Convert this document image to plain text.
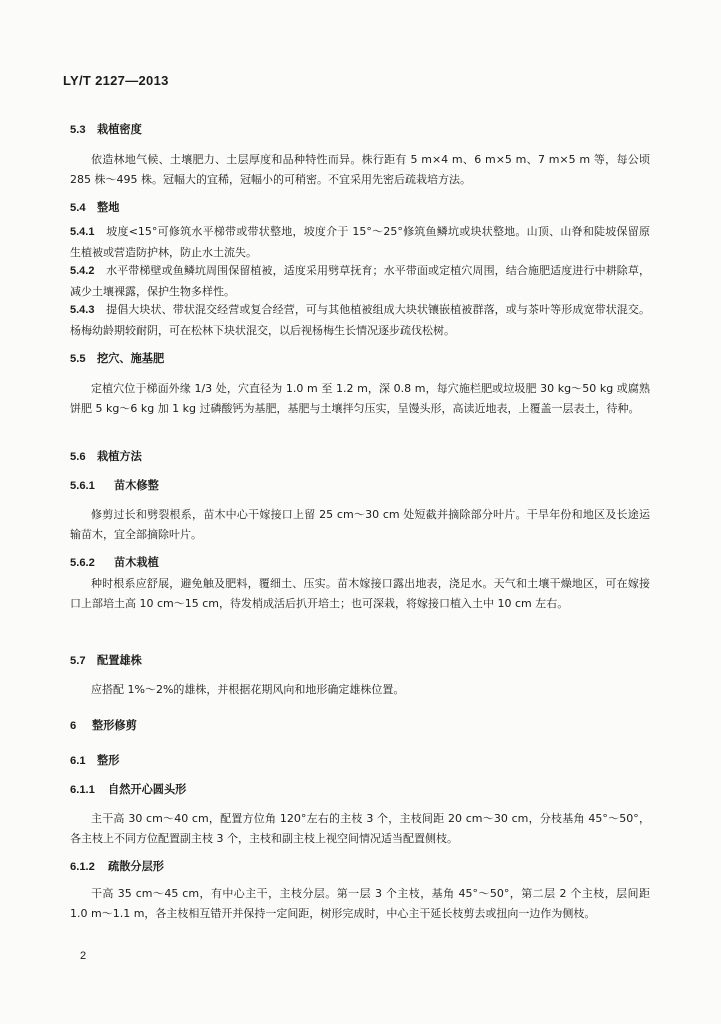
LY/T 2127—2013
5.3 栽植密度
依造林地气候、土壤肥力、土层厚度和品种特性而异。株行距有 5 m×4 m、6 m×5 m、7 m×5 m 等，每公顷 285 株～495 株。冠幅大的宜稀，冠幅小的可稍密。不宜采用先密后疏栽培方法。
5.4 整地
5.4.1 坡度<15°可修筑水平梯带或带状整地，坡度介于 15°～25°修筑鱼鳞坑或块状整地。山顶、山脊和陡坡保留原生植被或营造防护林，防止水土流失。
5.4.2 水平带梯壁或鱼鳞坑周围保留植被，适度采用劈草抚育；水平带面或定植穴周围，结合施肥适度进行中耕除草，减少土壤裸露，保护生物多样性。
5.4.3 提倡大块状、带状混交经营或复合经营，可与其他植被组成大块状镶嵌植被群落，或与茶叶等形成宽带状混交。杨梅幼龄期较耐阴，可在松林下块状混交，以后视杨梅生长情况逐步疏伐松树。
5.5 挖穴、施基肥
定植穴位于梯面外缘 1/3 处，穴直径为 1.0 m 至 1.2 m，深 0.8 m，每穴施栏肥或垃圾肥 30 kg～50 kg 或腐熟饼肥 5 kg～6 kg 加 1 kg 过磷酸钙为基肥，基肥与土壤拌匀压实，呈馒头形，高读近地表，上覆盖一层表土，待种。
5.6 栽植方法
5.6.1 苗木修整
修剪过长和劈裂根系，苗木中心干嫁接口上留 25 cm～30 cm 处短截并摘除部分叶片。干旱年份和地区及长途运输苗木，宜全部摘除叶片。
5.6.2 苗木栽植
种时根系应舒展，避免触及肥料，覆细土、压实。苗木嫁接口露出地表，浇足水。天气和土壤干燥地区，可在嫁接口上部培土高 10 cm～15 cm，待发梢成活后扒开培土；也可深栽，将嫁接口植入土中 10 cm 左右。
5.7 配置雄株
应搭配 1%～2%的雄株，并根据花期风向和地形确定雄株位置。
6 整形修剪
6.1 整形
6.1.1 自然开心圆头形
主干高 30 cm～40 cm，配置方位角 120°左右的主枝 3 个，主枝间距 20 cm～30 cm，分枝基角 45°～50°，各主枝上不同方位配置副主枝 3 个，主枝和副主枝上视空间情况适当配置侧枝。
6.1.2 疏散分层形
干高 35 cm～45 cm，有中心主干，主枝分层。第一层 3 个主枝，基角 45°～50°，第二层 2 个主枝，层间距 1.0 m～1.1 m，各主枝相互错开并保持一定间距，树形完成时，中心主干延长枝剪去或扭向一边作为侧枝。
2
